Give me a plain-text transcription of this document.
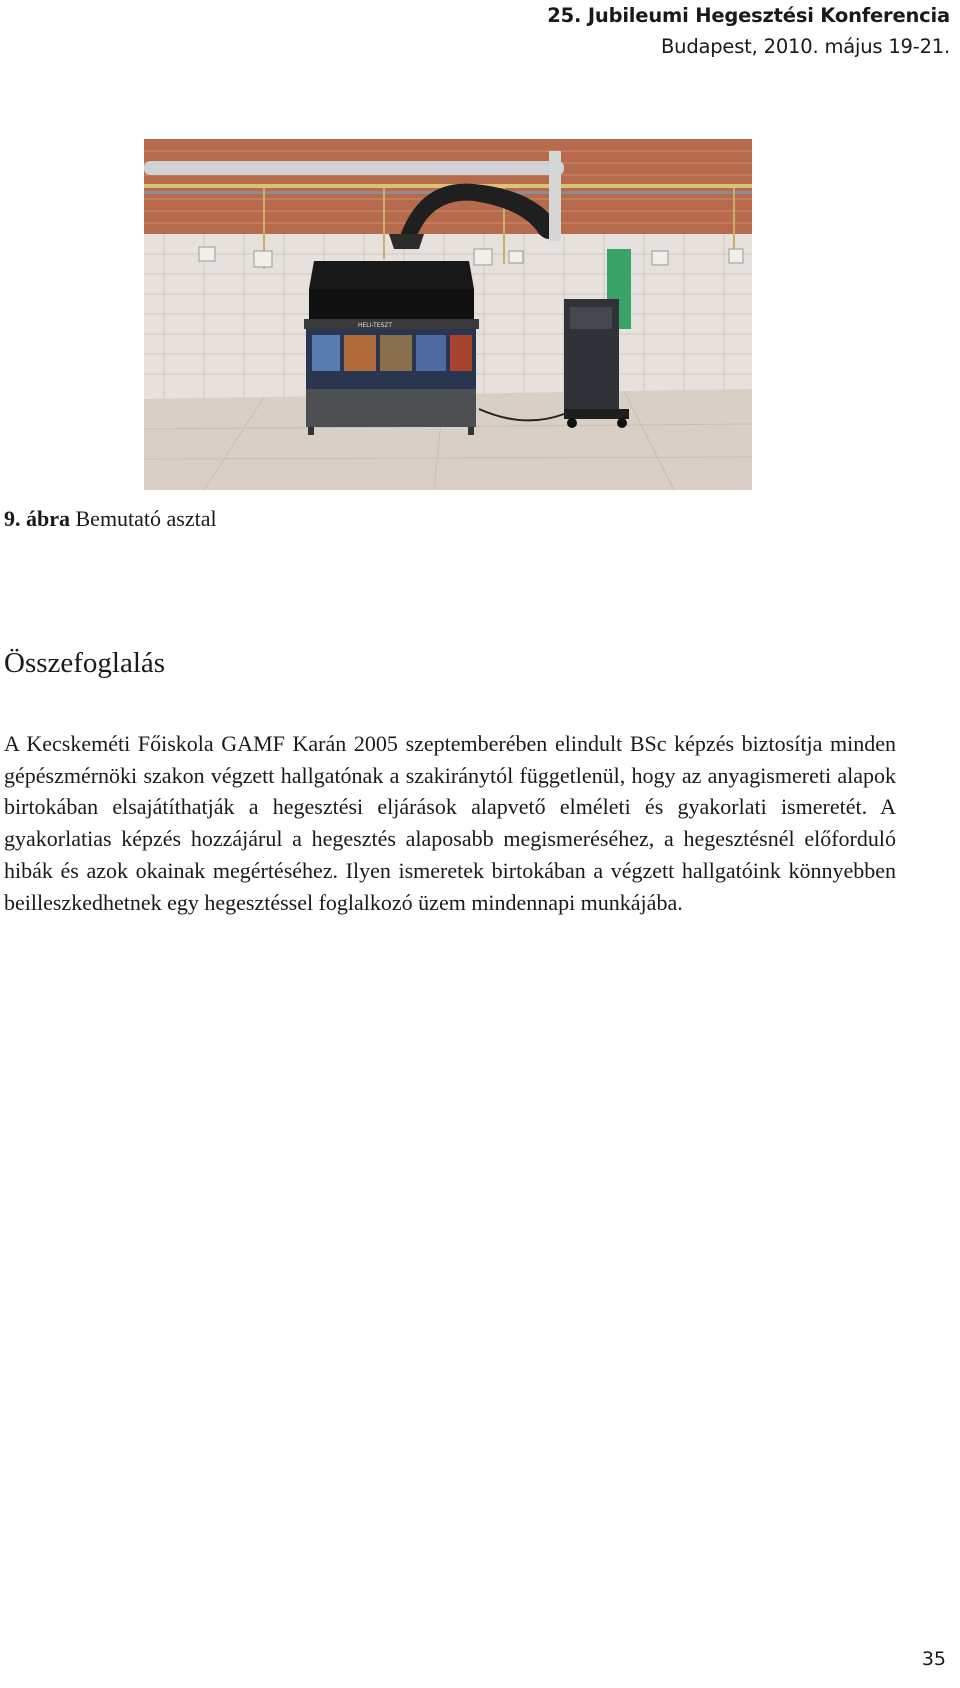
25. Jubileumi Hegesztési Konferencia
Budapest, 2010. május 19-21.
HELI-TESZT
9. ábra Bemutató asztal
Összefoglalás

A Kecskeméti Főiskola GAMF Karán 2005 szeptemberében elindult BSc képzés biztosítja minden gépészmérnöki szakon végzett hallgatónak a szakiránytól függetlenül, hogy az anyagismereti alapok birtokában elsajátíthatják a hegesztési eljárások alapvető elméleti és gyakorlati ismeretét. A gyakorlatias képzés hozzájárul a hegesztés alaposabb megismeréséhez, a hegesztésnél előforduló hibák és azok okainak megértéséhez. Ilyen ismeretek birtokában a végzett hallgatóink könnyebben beilleszkedhetnek egy hegesztéssel foglalkozó üzem mindennapi munkájába.

35
